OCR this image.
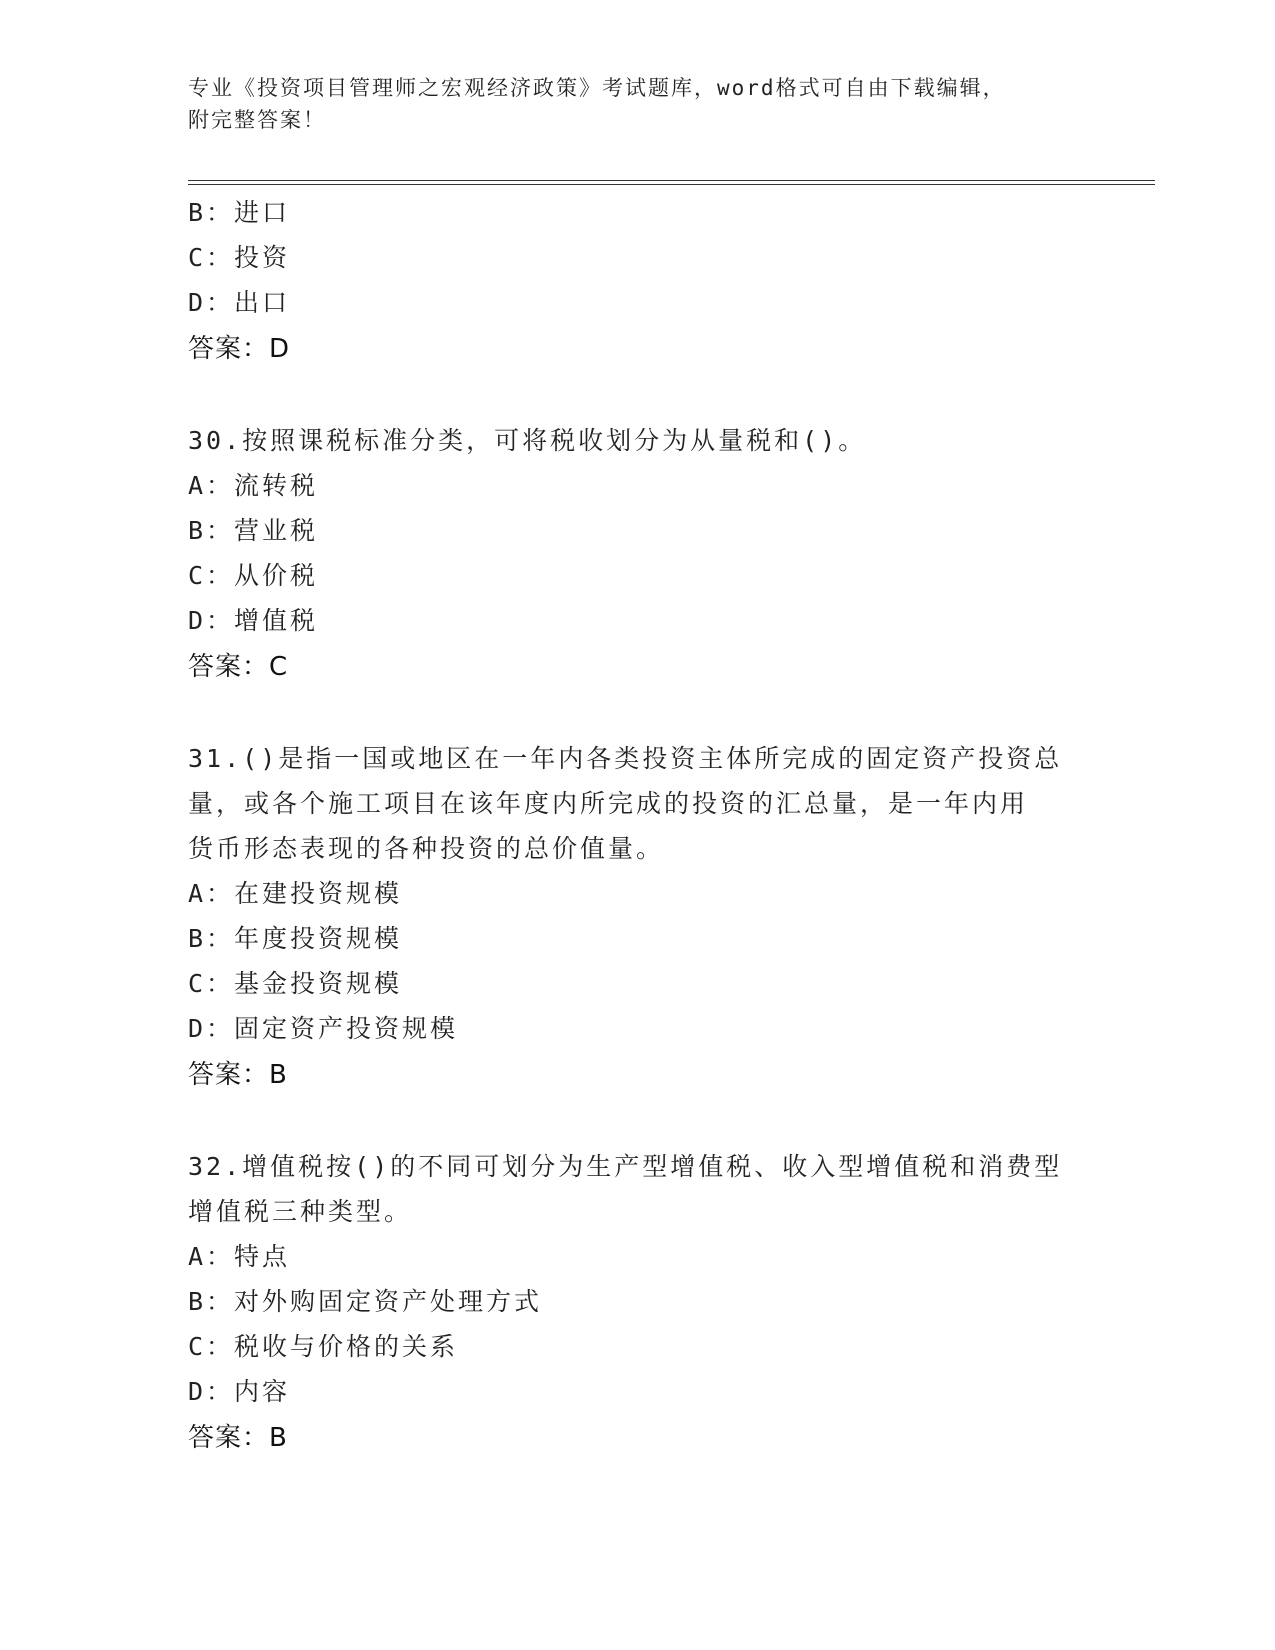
专业《投资项目管理师之宏观经济政策》考试题库，word格式可自由下载编辑，
附完整答案！
B：进口
C：投资
D：出口
答案：D
30.按照课税标准分类，可将税收划分为从量税和()。
A：流转税
B：营业税
C：从价税
D：增值税
答案：C
31.()是指一国或地区在一年内各类投资主体所完成的固定资产投资总
量，或各个施工项目在该年度内所完成的投资的汇总量，是一年内用
货币形态表现的各种投资的总价值量。
A：在建投资规模
B：年度投资规模
C：基金投资规模
D：固定资产投资规模
答案：B
32.增值税按()的不同可划分为生产型增值税、收入型增值税和消费型
增值税三种类型。
A：特点
B：对外购固定资产处理方式
C：税收与价格的关系
D：内容
答案：B
